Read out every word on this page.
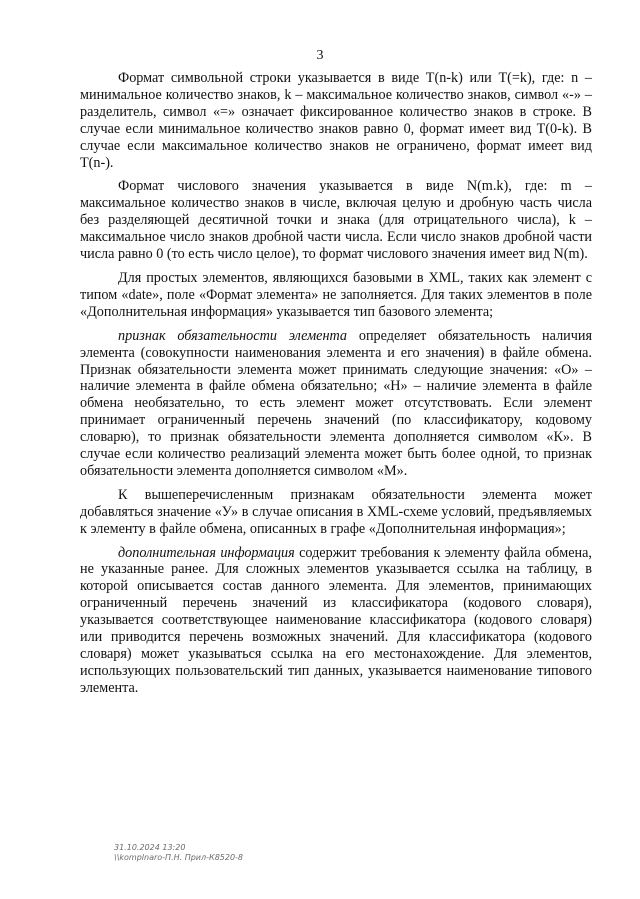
3

Формат символьной строки указывается в виде Т(n-k) или Т(=k), где: n – минимальное количество знаков, k – максимальное количество знаков, символ «-» – разделитель, символ «=» означает фиксированное количество знаков в строке. В случае если минимальное количество знаков равно 0, формат имеет вид Т(0-k). В случае если максимальное количество знаков не ограничено, формат имеет вид Т(n-).

Формат числового значения указывается в виде N(m.k), где: m – максимальное количество знаков в числе, включая целую и дробную часть числа без разделяющей десятичной точки и знака (для отрицательного числа), k – максимальное число знаков дробной части числа. Если число знаков дробной части числа равно 0 (то есть число целое), то формат числового значения имеет вид N(m).

Для простых элементов, являющихся базовыми в XML, таких как элемент с типом «date», поле «Формат элемента» не заполняется. Для таких элементов в поле «Дополнительная информация» указывается тип базового элемента;

признак обязательности элемента определяет обязательность наличия элемента (совокупности наименования элемента и его значения) в файле обмена. Признак обязательности элемента может принимать следующие значения: «О» – наличие элемента в файле обмена обязательно; «Н» – наличие элемента в файле обмена необязательно, то есть элемент может отсутствовать. Если элемент принимает ограниченный перечень значений (по классификатору, кодовому словарю), то признак обязательности элемента дополняется символом «К». В случае если количество реализаций элемента может быть более одной, то признак обязательности элемента дополняется символом «М».

К вышеперечисленным признакам обязательности элемента может добавляться значение «У» в случае описания в XML-схеме условий, предъявляемых к элементу в файле обмена, описанных в графе «Дополнительная информация»;

дополнительная информация содержит требования к элементу файла обмена, не указанные ранее. Для сложных элементов указывается ссылка на таблицу, в которой описывается состав данного элемента. Для элементов, принимающих ограниченный перечень значений из классификатора (кодового словаря), указывается соответствующее наименование классификатора (кодового словаря) или приводится перечень возможных значений. Для классификатора (кодового словаря) может указываться ссылка на его местонахождение. Для элементов, использующих пользовательский тип данных, указывается наименование типового элемента.

31.10.2024 13:20
\\komplnaro-П.Н. Прил-К8520-8
